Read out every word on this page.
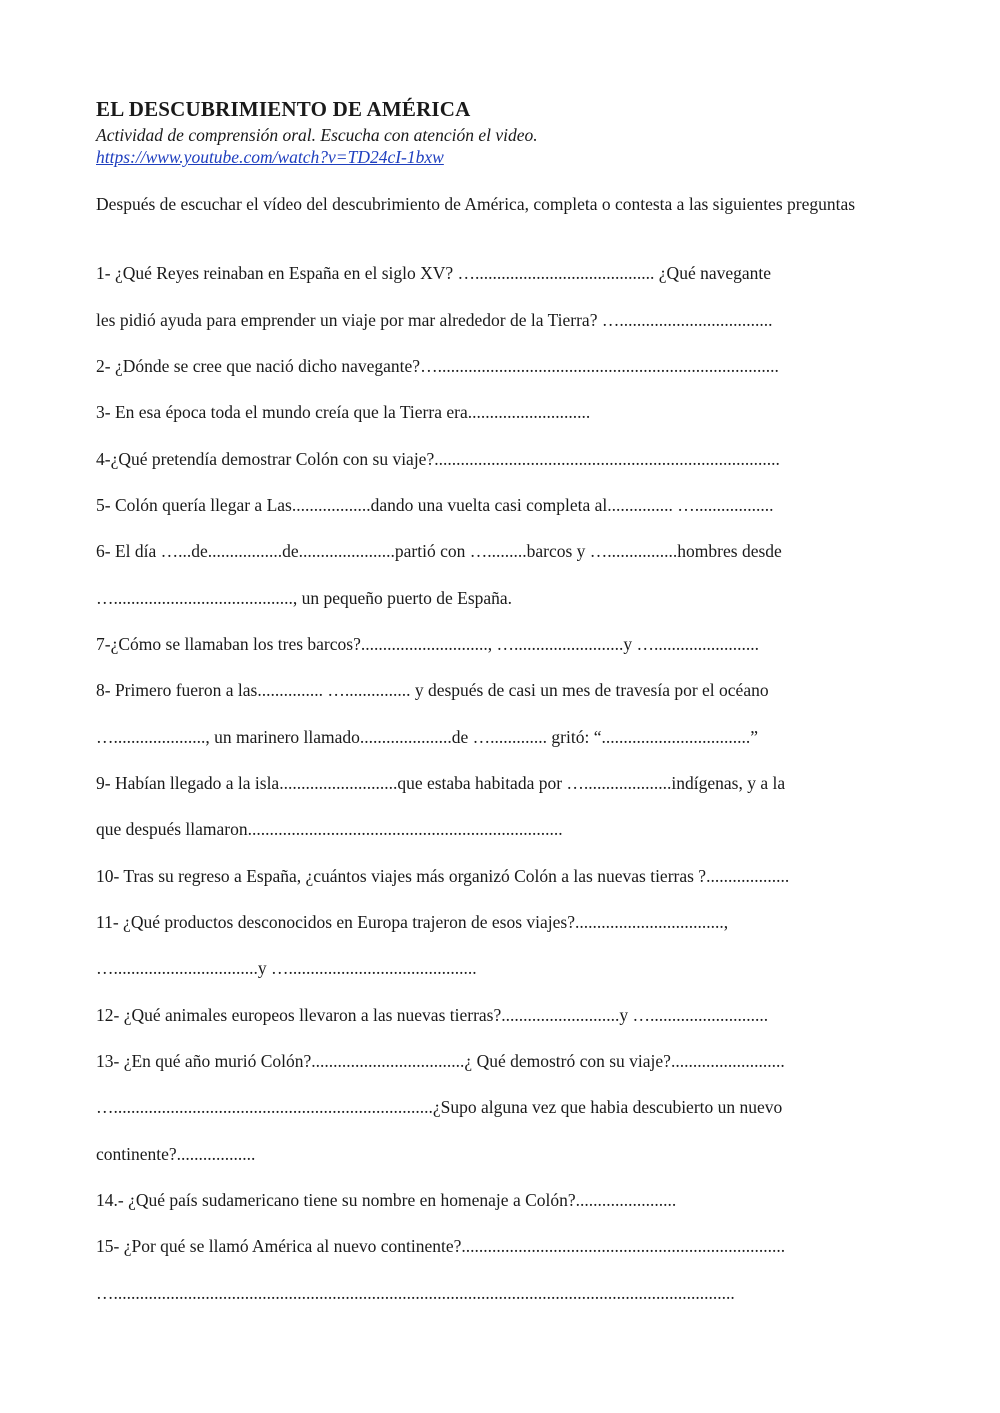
EL DESCUBRIMIENTO DE AMÉRICA
Actividad de comprensión oral. Escucha con atención el video.
https://www.youtube.com/watch?v=TD24cI-1bxw
Después de escuchar el vídeo del descubrimiento de América, completa o contesta a las siguientes preguntas
1- ¿Qué Reyes reinaban en España en el siglo XV? …......................................... ¿Qué navegante
les pidió ayuda para emprender un viaje por mar alrededor de la Tierra? …...................................
2- ¿Dónde se cree que nació dicho navegante?…..............................................................................
3- En esa época toda el mundo creía que la Tierra era............................
4-¿Qué pretendía demostrar Colón con su viaje?...............................................................................
5- Colón quería llegar a Las..................dando una vuelta casi completa al............... …..................
6- El día …...de.................de......................partió con ….........barcos y …................hombres desde
…........................................., un pequeño puerto de España.
7-¿Cómo se llamaban los tres barcos?............................., ….........................y …........................
8- Primero fueron a las............... …............... y después de casi un mes de travesía por el océano
…....................., un marinero llamado.....................de …............. gritó: “..................................”
9- Habían llegado a la isla...........................que estaba habitada por …....................indígenas, y a la
que después llamaron........................................................................
10- Tras su regreso a España, ¿cuántos viajes más organizó Colón a las nuevas tierras ?...................
11- ¿Qué productos desconocidos en Europa trajeron de esos viajes?..................................,
….................................y …...........................................
12- ¿Qué animales europeos llevaron a las nuevas tierras?...........................y …...........................
13- ¿En qué año murió Colón?...................................¿ Qué demostró con su viaje?..........................
….........................................................................¿Supo alguna vez que habia descubierto un nuevo
continente?..................
14.- ¿Qué país sudamericano tiene su nombre en homenaje a Colón?.......................
15- ¿Por qué se llamó América al nuevo continente?..........................................................................
…..............................................................................................................................................
